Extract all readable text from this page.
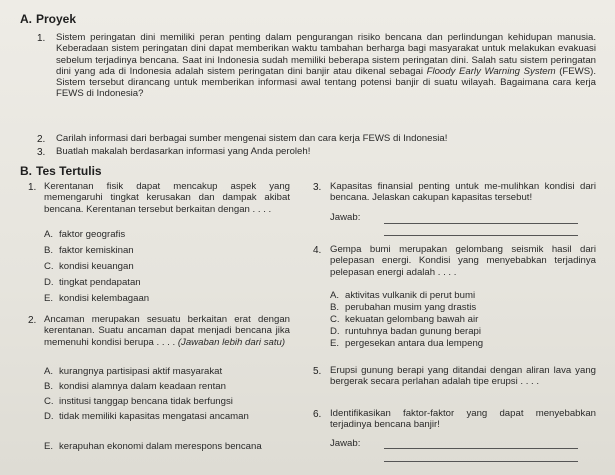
A. Proyek
1. Sistem peringatan dini memiliki peran penting dalam pengurangan risiko bencana dan perlindungan kehidupan manusia. Keberadaan sistem peringatan dini dapat memberikan waktu tambahan berharga bagi masyarakat untuk melakukan evakuasi sebelum terjadinya bencana. Saat ini Indonesia sudah memiliki beberapa sistem peringatan dini. Salah satu sistem peringatan dini yang ada di Indonesia adalah sistem peringatan dini banjir atau dikenal sebagai Floody Early Warning System (FEWS). Sistem tersebut dirancang untuk memberikan informasi awal tentang potensi banjir di suatu wilayah. Bagaimana cara kerja FEWS di Indonesia?
2. Carilah informasi dari berbagai sumber mengenai sistem dan cara kerja FEWS di Indonesia!
3. Buatlah makalah berdasarkan informasi yang Anda peroleh!
B. Tes Tertulis
1. Kerentanan fisik dapat mencakup aspek yang memengaruhi tingkat kerusakan dan dampak akibat bencana. Kerentanan tersebut berkaitan dengan . . . .
A. faktor geografis
B. faktor kemiskinan
C. kondisi keuangan
D. tingkat pendapatan
E. kondisi kelembagaan
2. Ancaman merupakan sesuatu berkaitan erat dengan kerentanan. Suatu ancaman dapat menjadi bencana jika memenuhi kondisi berupa . . . . (Jawaban lebih dari satu)
A. kurangnya partisipasi aktif masyarakat
B. kondisi alamnya dalam keadaan rentan
C. institusi tanggap bencana tidak berfungsi
D. tidak memiliki kapasitas mengatasi ancaman
E. kerapuhan ekonomi dalam merespons bencana
3. Kapasitas finansial penting untuk me-mulihkan kondisi dari bencana. Jelaskan cakupan kapasitas tersebut!
Jawab:
4. Gempa bumi merupakan gelombang seismik hasil dari pelepasan energi. Kondisi yang menyebabkan terjadinya pelepasan energi adalah . . . .
A. aktivitas vulkanik di perut bumi
B. perubahan musim yang drastis
C. kekuatan gelombang bawah air
D. runtuhnya badan gunung berapi
E. pergesekan antara dua lempeng
5. Erupsi gunung berapi yang ditandai dengan aliran lava yang bergerak secara perlahan adalah tipe erupsi . . . .
6. Identifikasikan faktor-faktor yang dapat menyebabkan terjadinya bencana banjir!
Jawab:
